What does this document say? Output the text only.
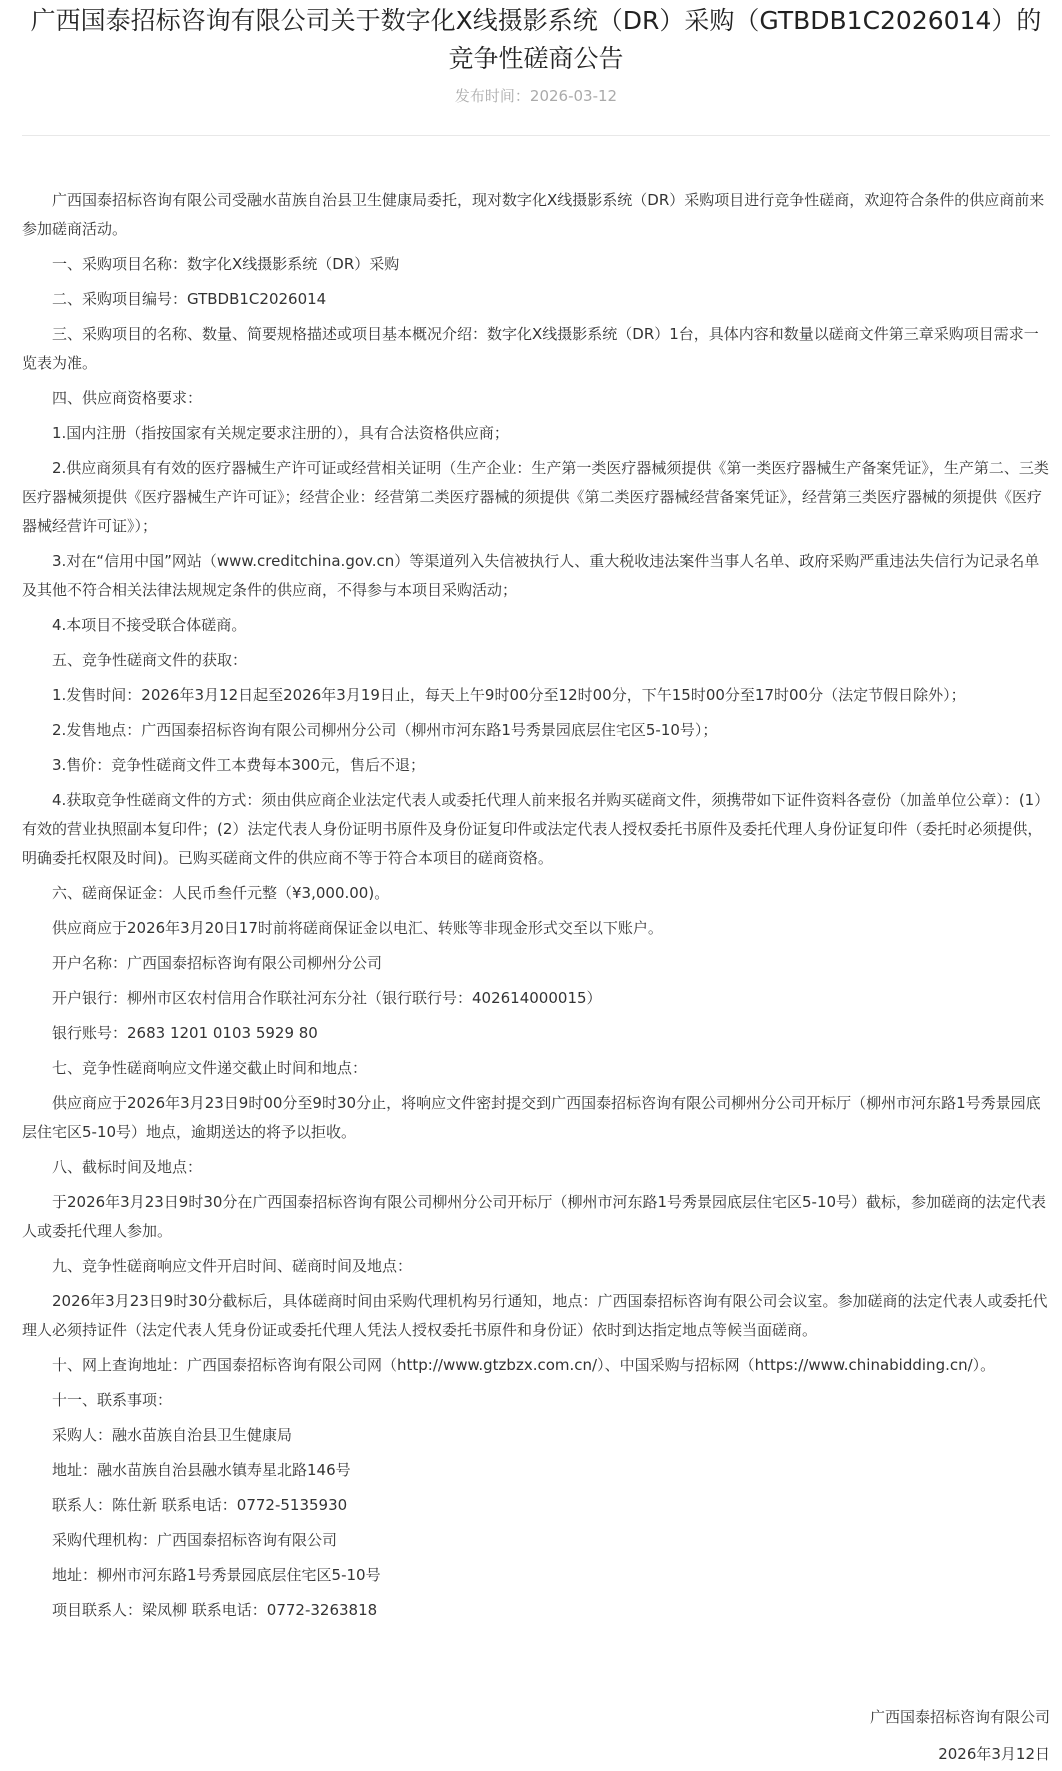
广西国泰招标咨询有限公司关于数字化X线摄影系统（DR）采购（GTBDB1C2026014）的竞争性磋商公告
发布时间：2026-03-12

广西国泰招标咨询有限公司受融水苗族自治县卫生健康局委托，现对数字化X线摄影系统（DR）采购项目进行竞争性磋商，欢迎符合条件的供应商前来参加磋商活动。

一、采购项目名称：数字化X线摄影系统（DR）采购

二、采购项目编号：GTBDB1C2026014

三、采购项目的名称、数量、简要规格描述或项目基本概况介绍：数字化X线摄影系统（DR）1台，具体内容和数量以磋商文件第三章采购项目需求一览表为准。

四、供应商资格要求：

1.国内注册（指按国家有关规定要求注册的），具有合法资格供应商；

2.供应商须具有有效的医疗器械生产许可证或经营相关证明（生产企业：生产第一类医疗器械须提供《第一类医疗器械生产备案凭证》，生产第二、三类医疗器械须提供《医疗器械生产许可证》；经营企业：经营第二类医疗器械的须提供《第二类医疗器械经营备案凭证》，经营第三类医疗器械的须提供《医疗器械经营许可证》）；

3.对在“信用中国”网站（www.creditchina.gov.cn）等渠道列入失信被执行人、重大税收违法案件当事人名单、政府采购严重违法失信行为记录名单及其他不符合相关法律法规规定条件的供应商，不得参与本项目采购活动；

4.本项目不接受联合体磋商。

五、竞争性磋商文件的获取：

1.发售时间：2026年3月12日起至2026年3月19日止，每天上午9时00分至12时00分，下午15时00分至17时00分（法定节假日除外）；

2.发售地点：广西国泰招标咨询有限公司柳州分公司（柳州市河东路1号秀景园底层住宅区5-10号）；

3.售价：竞争性磋商文件工本费每本300元，售后不退；

4.获取竞争性磋商文件的方式：须由供应商企业法定代表人或委托代理人前来报名并购买磋商文件，须携带如下证件资料各壹份（加盖单位公章）：(1）有效的营业执照副本复印件；(2）法定代表人身份证明书原件及身份证复印件或法定代表人授权委托书原件及委托代理人身份证复印件（委托时必须提供，明确委托权限及时间)。已购买磋商文件的供应商不等于符合本项目的磋商资格。

六、磋商保证金：人民币叁仟元整（¥3,000.00)。

供应商应于2026年3月20日17时前将磋商保证金以电汇、转账等非现金形式交至以下账户。

开户名称：广西国泰招标咨询有限公司柳州分公司

开户银行：柳州市区农村信用合作联社河东分社（银行联行号：402614000015）

银行账号：2683 1201 0103 5929 80

七、竞争性磋商响应文件递交截止时间和地点：

供应商应于2026年3月23日9时00分至9时30分止，将响应文件密封提交到广西国泰招标咨询有限公司柳州分公司开标厅（柳州市河东路1号秀景园底层住宅区5-10号）地点，逾期送达的将予以拒收。

八、截标时间及地点：

于2026年3月23日9时30分在广西国泰招标咨询有限公司柳州分公司开标厅（柳州市河东路1号秀景园底层住宅区5-10号）截标，参加磋商的法定代表人或委托代理人参加。

九、竞争性磋商响应文件开启时间、磋商时间及地点：

2026年3月23日9时30分截标后，具体磋商时间由采购代理机构另行通知，地点：广西国泰招标咨询有限公司会议室。参加磋商的法定代表人或委托代理人必须持证件（法定代表人凭身份证或委托代理人凭法人授权委托书原件和身份证）依时到达指定地点等候当面磋商。

十、网上查询地址：广西国泰招标咨询有限公司网（http://www.gtzbzx.com.cn/）、中国采购与招标网（https://www.chinabidding.cn/）。

十一、联系事项：

采购人：融水苗族自治县卫生健康局

地址：融水苗族自治县融水镇寿星北路146号

联系人：陈仕新 联系电话：0772-5135930

采购代理机构：广西国泰招标咨询有限公司

地址：柳州市河东路1号秀景园底层住宅区5-10号

项目联系人：梁凤柳 联系电话：0772-3263818

广西国泰招标咨询有限公司
2026年3月12日
